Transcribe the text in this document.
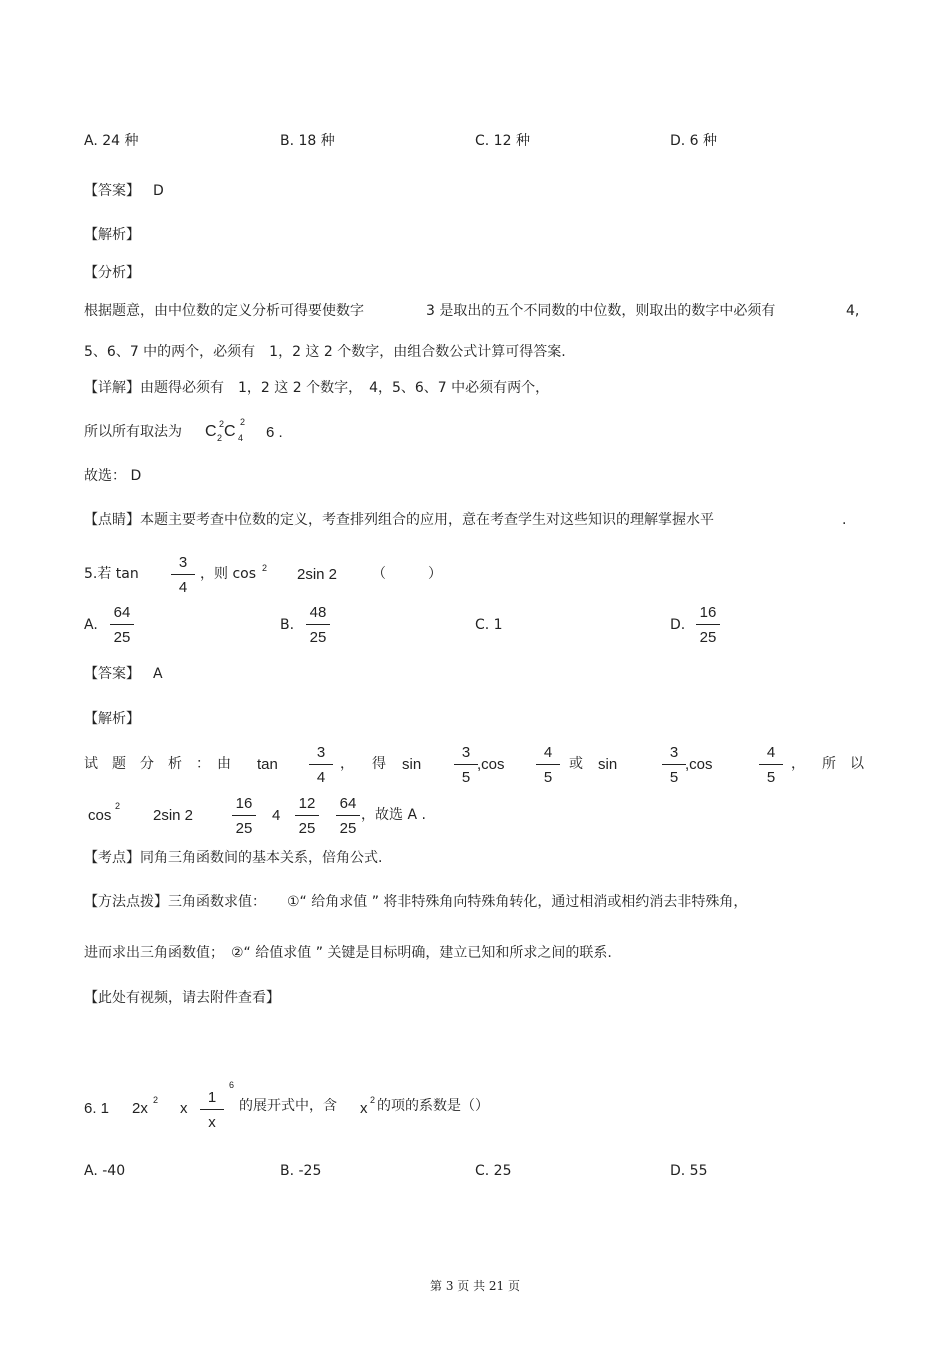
A. 24 种	B. 18 种	C. 12 种	D. 6 种
【答案】 D
【解析】
【分析】
根据题意，由中位数的定义分析可得要使数字	3 是取出的五个不同数的中位数，则取出的数字中必须有	4,
5、6、7 中的两个，必须有　1，2 这 2 个数字，由组合数公式计算可得答案.
【详解】由题得必须有　1，2 这 2 个数字，　4，5、6、7 中必须有两个，
所以所有取法为 C 2
2 C
2
4 6 .
故选： D
【点睛】本题主要考查中位数的定义，考查排列组合的应用，意在考查学生对这些知识的理解掌握水平	.
5.若 tan
3
4
，则 cos 2 2sin 2 （　　　）
A.
64
25
B.
48
25
C. 1	D.
16
25
【答案】 A
【解析】
试　题　分　析　：　由 tan
3
4
， 得 sin
3
5
,cos
4
5
或 sin
3
5
,cos
4
5
， 所　以
cos
2
2sin 2
16
25
4
12
25
64
25
，故选 A .
【考点】同角三角函数间的基本关系，倍角公式.
【方法点拨】三角函数求值：　　①“ 给角求值 ” 将非特殊角向特殊角转化，通过相消或相约消去非特殊角，
进而求出三角函数值；　②“ 给值求值 ” 关键是目标明确，建立已知和所求之间的联系.
【此处有视频，请去附件查看】
6. 1 2x 2 x
1
x
6
的展开式中，含 x 2 的项的系数是（）
A. -40	B. -25	C. 25	D. 55
第 3 页 共 21 页
